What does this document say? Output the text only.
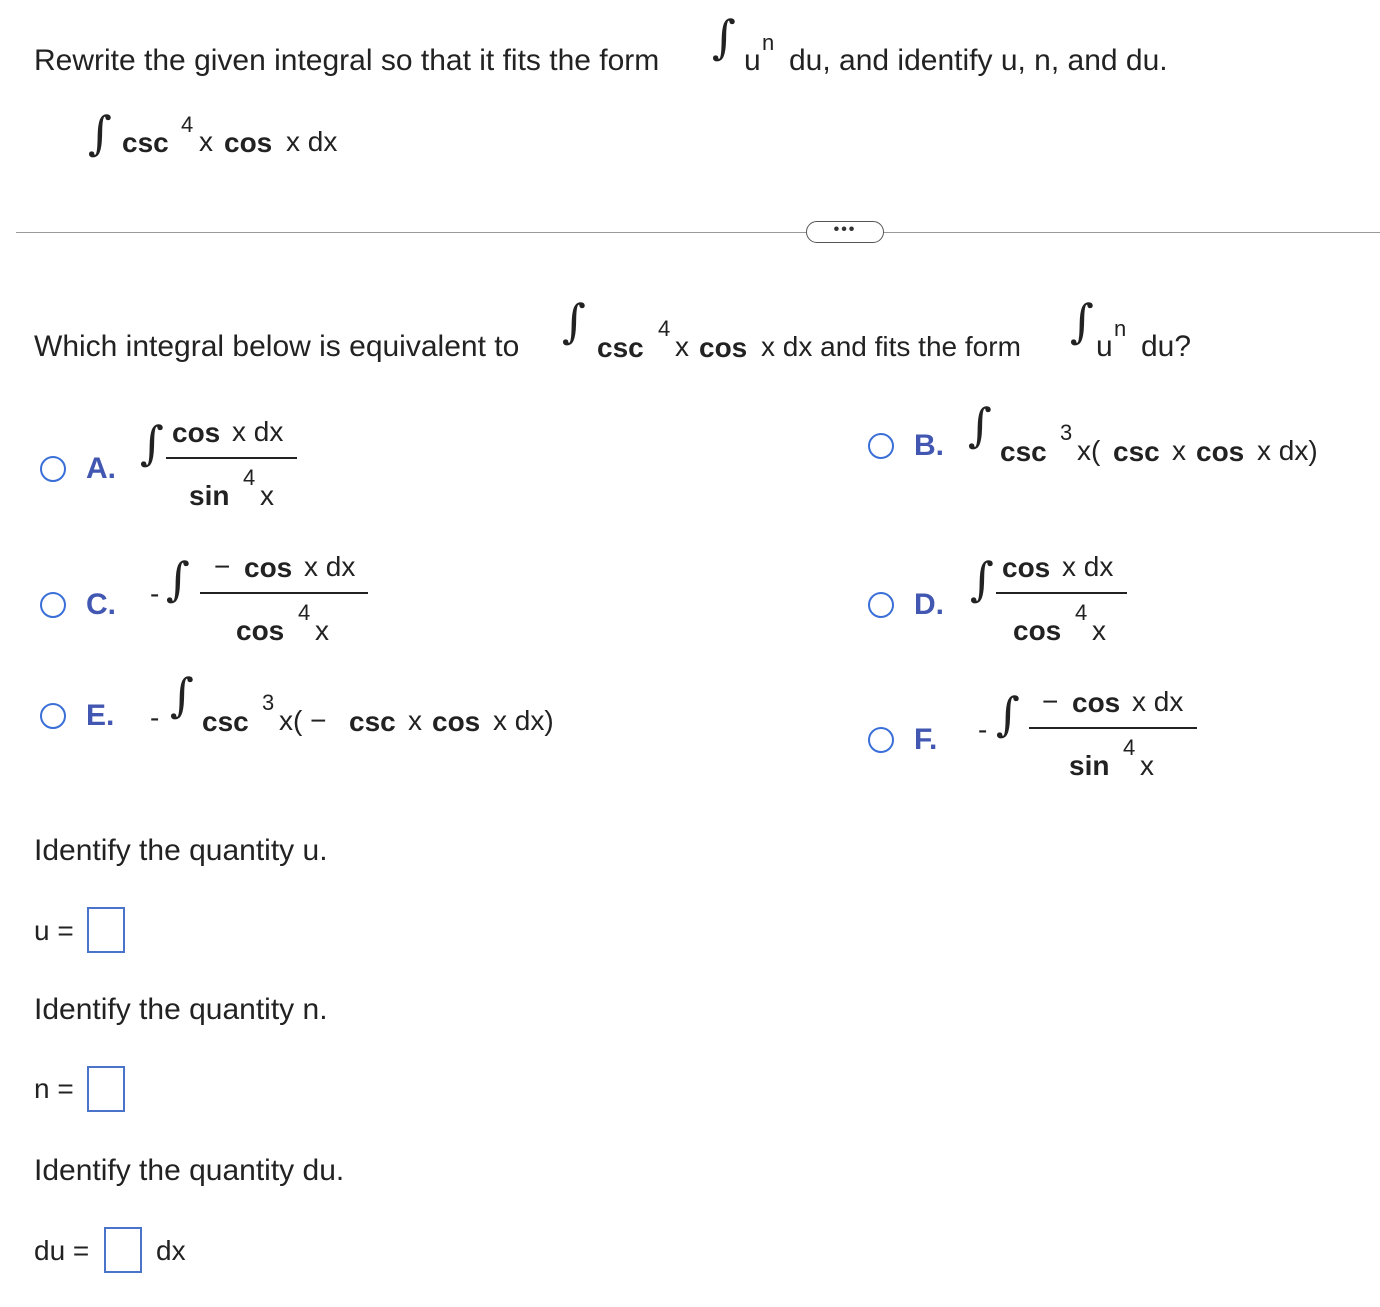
Rewrite the given integral so that it fits the form ∫ u
n
du, and identify u, n, and du.
∫ csc
4
x cos x dx
•••
Which integral below is equivalent to ∫ csc
4
x cos x dx and fits the form ∫ u
n
du?
A. ∫ cos x dx
sin
4
x
B. ∫ csc
3
x( csc x cos x dx)
C. - ∫ − cos x dx
cos
4
x
D. ∫ cos x dx
cos
4
x
E. - ∫ csc
3
x( − csc x cos x dx)
F. - ∫ − cos x dx
sin
4
x
Identify the quantity u.
u =
Identify the quantity n.
n =
Identify the quantity du.
du = dx
